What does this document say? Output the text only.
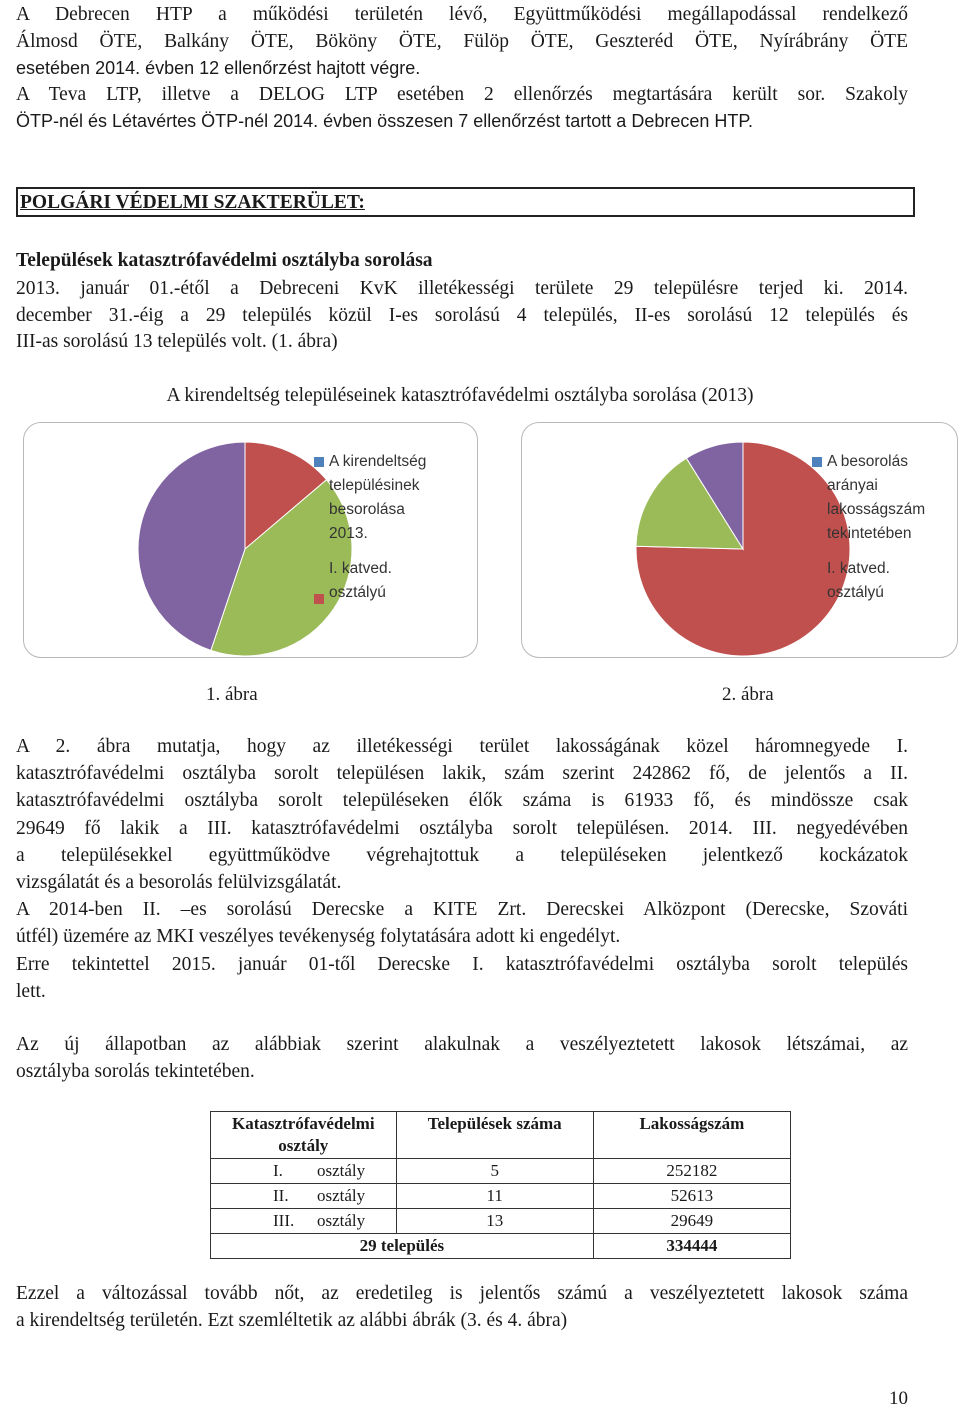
A Debrecen HTP a működési területén lévő, Együttműködési megállapodással rendelkező
Álmosd ÖTE, Balkány ÖTE, Bököny ÖTE, Fülöp ÖTE, Geszteréd ÖTE, Nyírábrány ÖTE
esetében 2014. évben 12 ellenőrzést hajtott végre.
A Teva LTP, illetve a DELOG LTP esetében 2 ellenőrzés megtartására került sor. Szakoly
ÖTP-nél és Létavértes ÖTP-nél 2014. évben összesen 7 ellenőrzést tartott a Debrecen HTP.
POLGÁRI VÉDELMI SZAKTERÜLET:
Települések katasztrófavédelmi osztályba sorolása
2013. január 01.-étől a Debreceni KvK illetékességi területe 29 településre terjed ki. 2014.
december 31.-éig a 29 település közül I-es sorolású 4 település, II-es sorolású 12 település és
III-as sorolású 13 település volt. (1. ábra)
A kirendeltség településeinek katasztrófavédelmi osztályba sorolása (2013)
A kirendeltség
településinek
besorolása
2013.
I. katved.
osztályú
A besorolás
arányai
lakosságszám
tekintetében
I. katved.
osztályú
1. ábra	2. ábra
A 2. ábra mutatja, hogy az illetékességi terület lakosságának közel háromnegyede I.
katasztrófavédelmi osztályba sorolt településen lakik, szám szerint 242862 fő, de jelentős a II.
katasztrófavédelmi osztályba sorolt településeken élők száma is 61933 fő, és mindössze csak
29649 fő lakik a III. katasztrófavédelmi osztályba sorolt településen. 2014. III. negyedévében
a településekkel együttműködve végrehajtottuk a településeken jelentkező kockázatok
vizsgálatát és a besorolás felülvizsgálatát.
A 2014-ben II. –es sorolású Derecske a KITE Zrt. Derecskei Alközpont (Derecske, Szováti
útfél) üzemére az MKI veszélyes tevékenység folytatására adott ki engedélyt.
Erre tekintettel 2015. január 01-től Derecske I. katasztrófavédelmi osztályba sorolt település
lett.
Az új állapotban az alábbiak szerint alakulnak a veszélyeztetett lakosok létszámai, az
osztályba sorolás tekintetében.
Katasztrófavédelmi osztály	Települések száma	Lakosságszám
I. osztály	5	252182
II. osztály	11	52613
III. osztály	13	29649
29 település		334444
Ezzel a változással tovább nőt, az eredetileg is jelentős számú a veszélyeztetett lakosok száma
a kirendeltség területén. Ezt szemléltetik az alábbi ábrák (3. és 4. ábra)
10
